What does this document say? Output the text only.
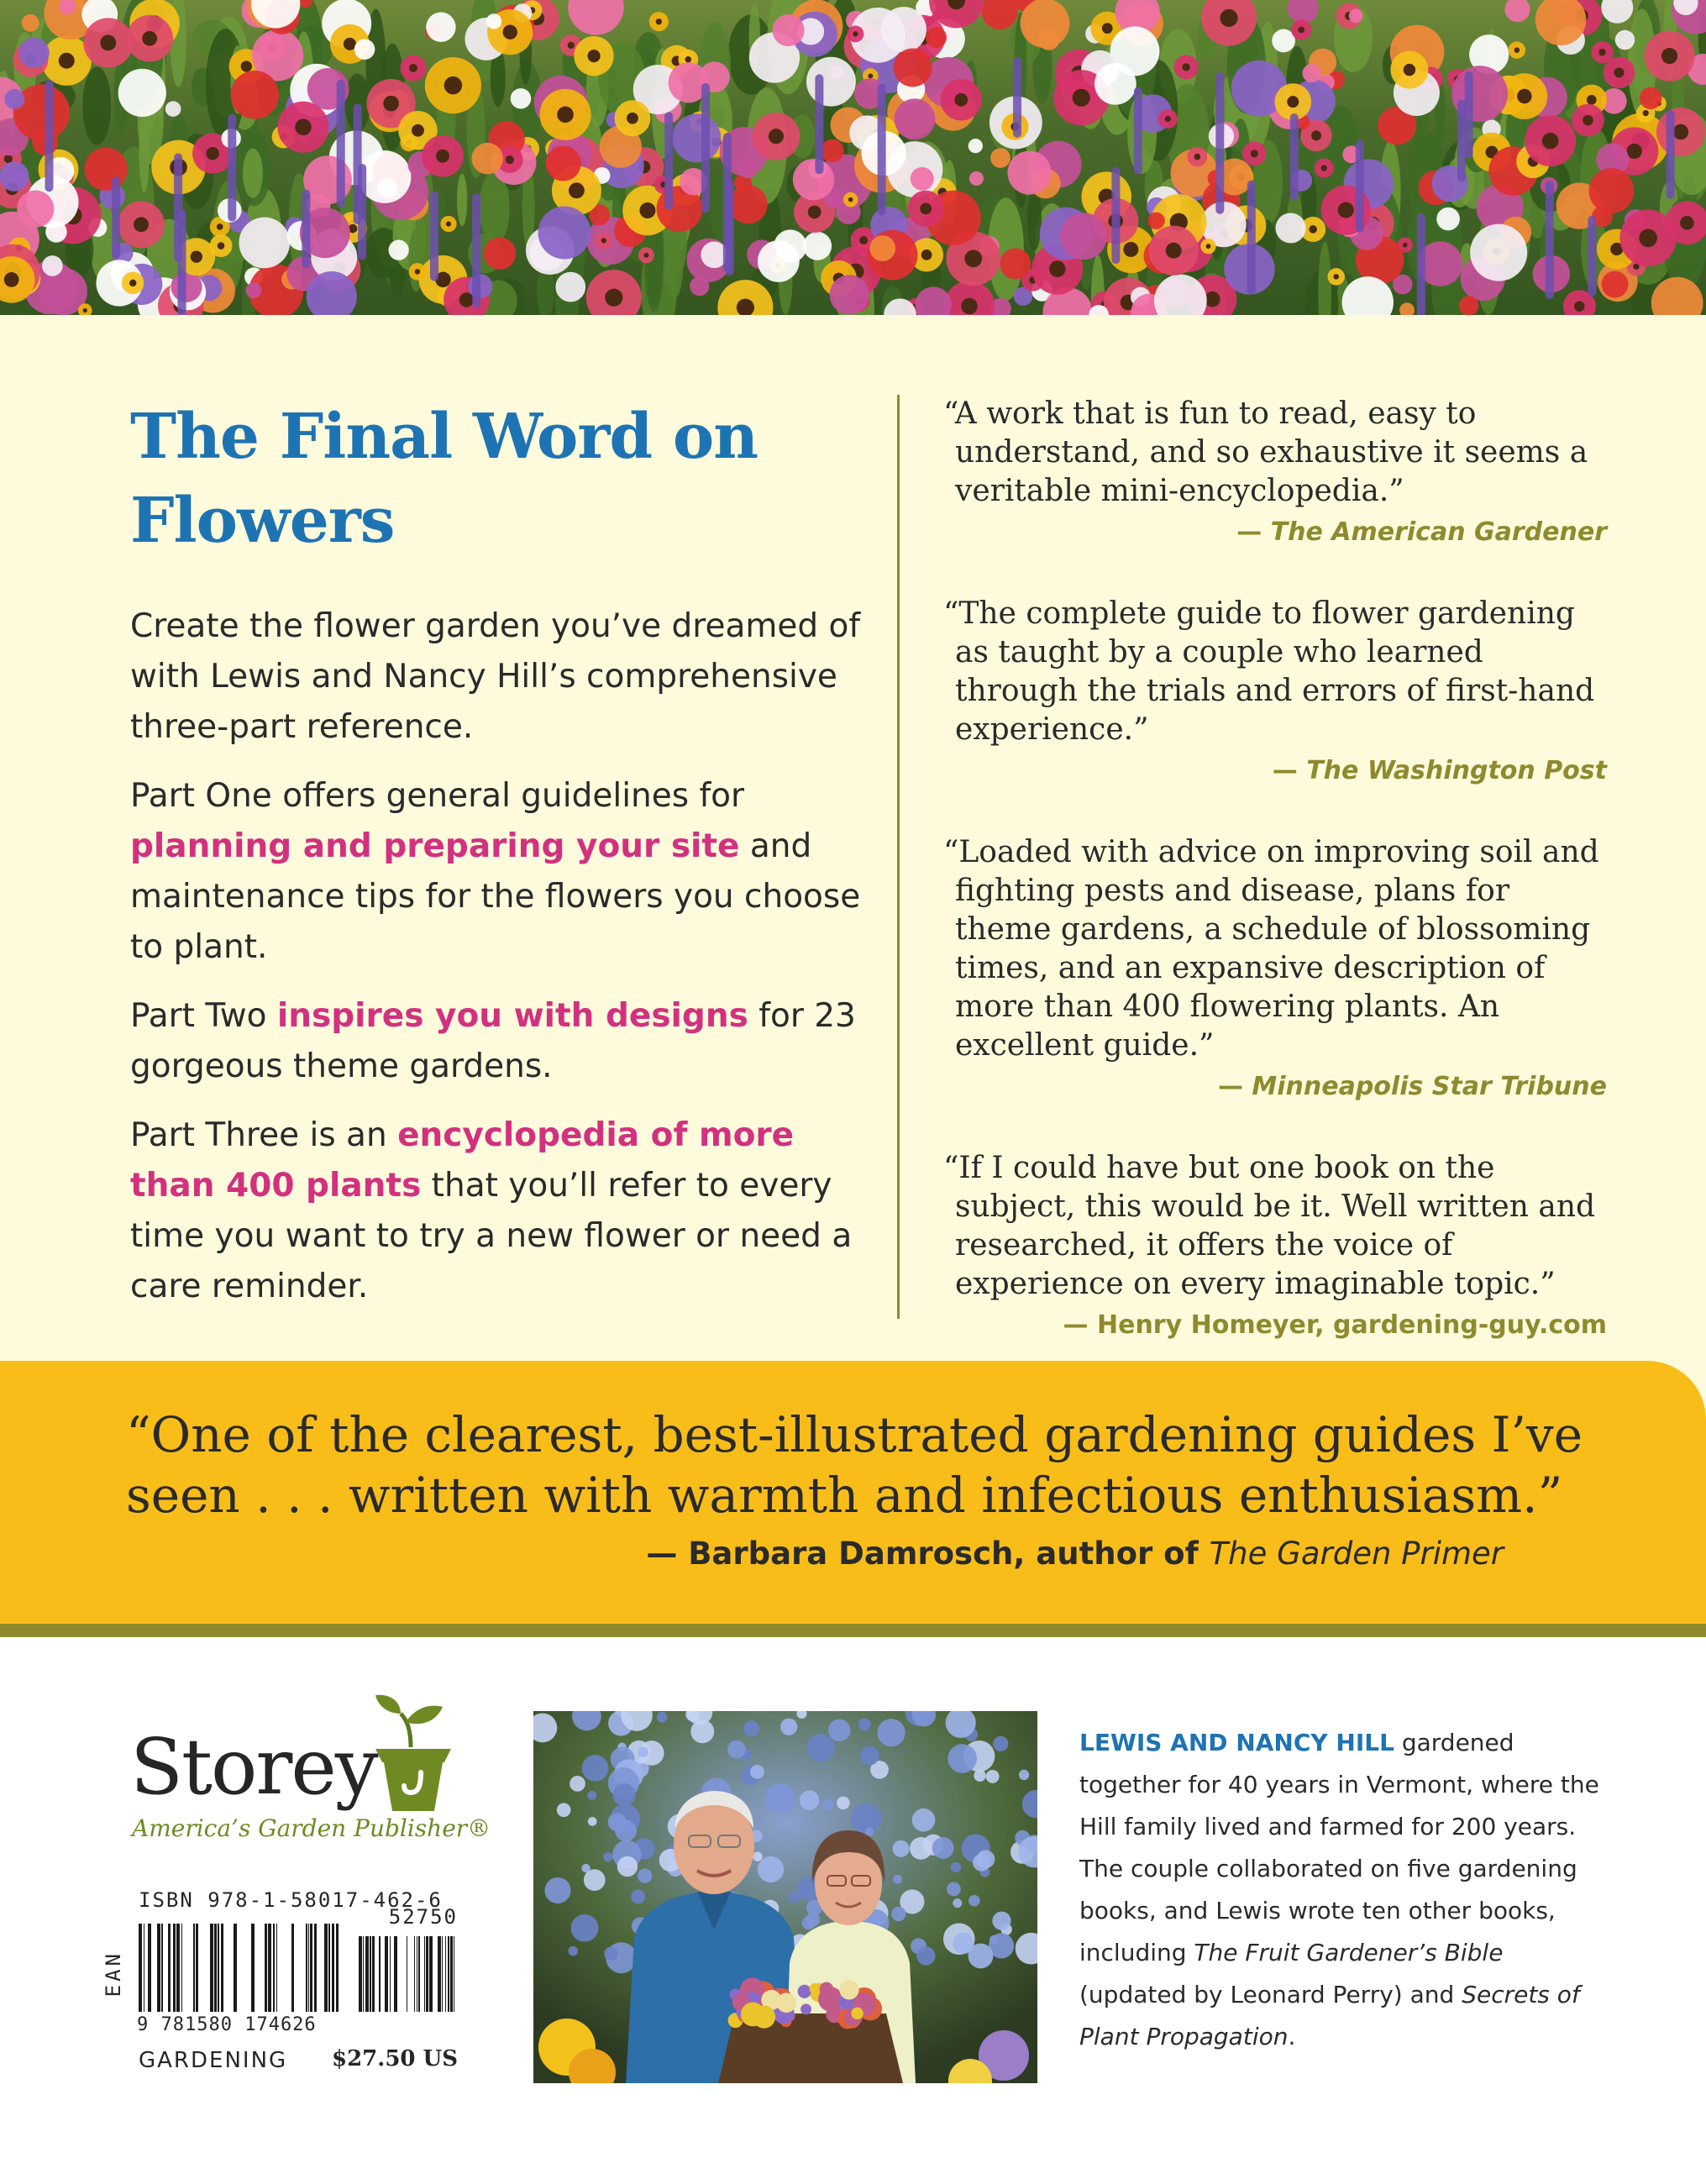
The Final Word on Flowers

Create the flower garden you’ve dreamed of with Lewis and Nancy Hill’s comprehensive three-part reference.

Part One offers general guidelines for planning and preparing your site and maintenance tips for the flowers you choose to plant.

Part Two inspires you with designs for 23 gorgeous theme gardens.

Part Three is an encyclopedia of more than 400 plants that you’ll refer to every time you want to try a new flower or need a care reminder.

“A work that is fun to read, easy to understand, and so exhaustive it seems a veritable mini-encyclopedia.”

— The American Gardener

“The complete guide to flower gardening as taught by a couple who learned through the trials and errors of first-hand experience.”

— The Washington Post

“Loaded with advice on improving soil and fighting pests and disease, plans for theme gardens, a schedule of blossoming times, and an expansive description of more than 400 flowering plants. An excellent guide.”

— Minneapolis Star Tribune

“If I could have but one book on the subject, this would be it. Well written and researched, it offers the voice of experience on every imaginable topic.”

— Henry Homeyer, gardening-guy.com

“One of the clearest, best-illustrated gardening guides I’ve seen . . . written with warmth and infectious enthusiasm.”

— Barbara Damrosch, author of The Garden Primer

Storey
America’s Garden Publisher®
ISBN 978-1-58017-462-6
EAN
9 781580 174626
52750
GARDENING $27.50 US

LEWIS AND NANCY HILL gardened together for 40 years in Vermont, where the Hill family lived and farmed for 200 years. The couple collaborated on five gardening books, and Lewis wrote ten other books, including The Fruit Gardener’s Bible (updated by Leonard Perry) and Secrets of Plant Propagation.
